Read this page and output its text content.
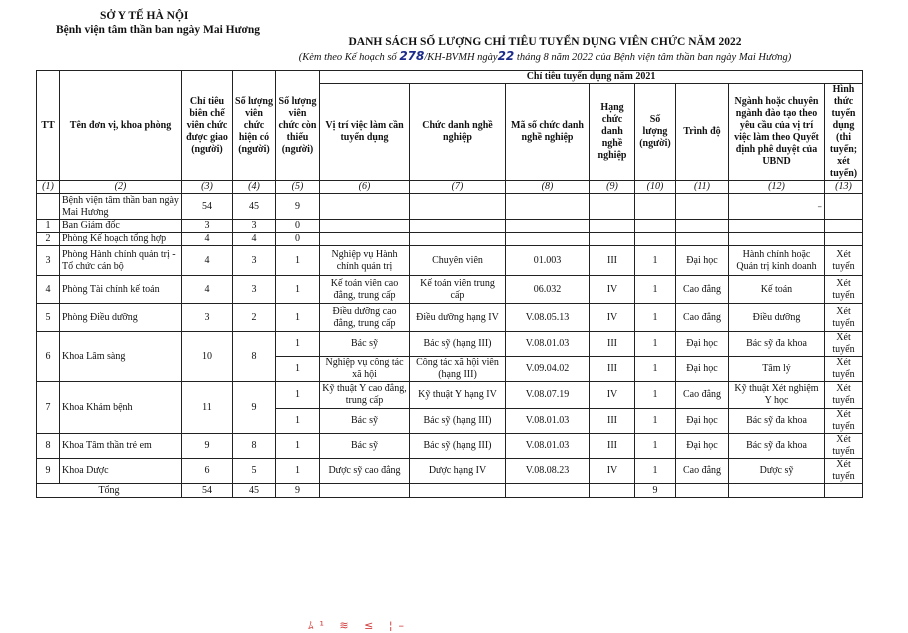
SỞ Y TẾ HÀ NỘI
Bệnh viện tâm thần ban ngày Mai Hương
DANH SÁCH SỐ LƯỢNG CHỈ TIÊU TUYỂN DỤNG VIÊN CHỨC NĂM 2022
(Kèm theo Kế hoạch số 278/KH-BVMH ngày22 tháng 8 năm 2022 của Bệnh viện tâm thần ban ngày Mai Hương)
TT	Tên đơn vị, khoa phòng	Chỉ tiêu biên chế viên chức được giao (người)	Số lượng viên chức hiện có (người)	Số lượng viên chức còn thiếu (người)	Chỉ tiêu tuyển dụng năm 2021							
					Vị trí việc làm cần tuyển dụng	Chức danh nghề nghiệp	Mã số chức danh nghề nghiệp	Hạng chức danh nghề nghiệp	Số lượng (người)	Trình độ	Ngành hoặc chuyên ngành đào tạo theo yêu cầu của vị trí việc làm theo Quyết định phê duyệt của UBND	Hình thức tuyển dụng (thi tuyển; xét tuyển)
(1)	(2)	(3)	(4)	(5)	(6)	(7)	(8)	(9)	(10)	(11)	(12)	(13)
	Bệnh viện tâm thần ban ngày Mai Hương	54	45	9							–	
1	Ban Giám đốc	3	3	0								
2	Phòng Kế hoạch tổng hợp	4	4	0								
3	Phòng Hành chính quản trị - Tổ chức cán bộ	4	3	1	Nghiệp vụ Hành chính quản trị	Chuyên viên	01.003	III	1	Đại học	Hành chính hoặc Quản trị kinh doanh	Xét tuyển
4	Phòng Tài chính kế toán	4	3	1	Kế toán viên cao đẳng, trung cấp	Kế toán viên trung cấp	06.032	IV	1	Cao đẳng	Kế toán	Xét tuyển
5	Phòng Điều dưỡng	3	2	1	Điều dưỡng cao đẳng, trung cấp	Điều dưỡng hạng IV	V.08.05.13	IV	1	Cao đẳng	Điều dưỡng	Xét tuyển
6	Khoa Lâm sàng	10	8	1	Bác sỹ	Bác sỹ (hạng III)	V.08.01.03	III	1	Đại học	Bác sỹ đa khoa	Xét tuyển
				1	Nghiệp vụ công tác xã hội	Công tác xã hội viên (hạng III)	V.09.04.02	III	1	Đại học	Tâm lý	Xét tuyển
7	Khoa Khám bệnh	11	9	1	Kỹ thuật Y cao đẳng, trung cấp	Kỹ thuật Y hạng IV	V.08.07.19	IV	1	Cao đẳng	Kỹ thuật Xét nghiệm Y học	Xét tuyển
				1	Bác sỹ	Bác sỹ (hạng III)	V.08.01.03	III	1	Đại học	Bác sỹ đa khoa	Xét tuyển
8	Khoa Tâm thần trẻ em	9	8	1	Bác sỹ	Bác sỹ (hạng III)	V.08.01.03	III	1	Đại học	Bác sỹ đa khoa	Xét tuyển
9	Khoa Dược	6	5	1	Dược sỹ cao đẳng	Dược hạng IV	V.08.08.23	IV	1	Cao đẳng	Dược sỹ	Xét tuyển
Tổng		54	45	9					9			
ﾑ¹ ≋ ≤ ¦–
